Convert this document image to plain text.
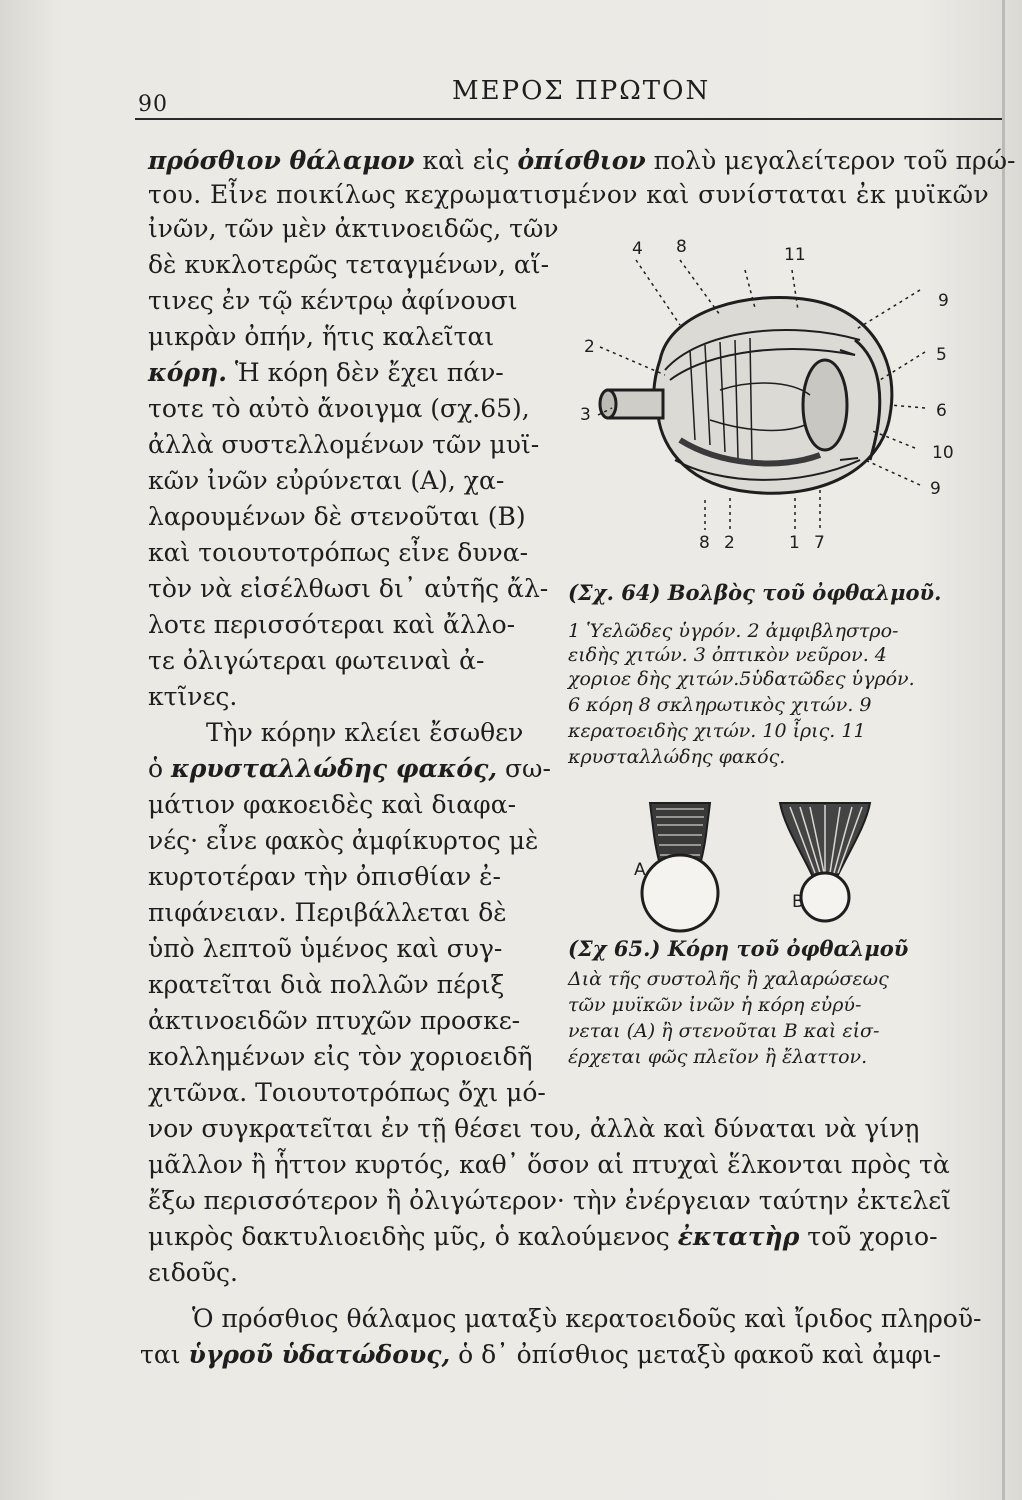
90	ΜΕΡΟΣ ΠΡΩΤΟΝ
πρόσθιον θάλαμον καὶ εἰς ὀπίσθιον πολὺ μεγαλείτερον τοῦ πρώ-
του. Εἶνε ποικίλως κεχρωματισμένον καὶ συνίσταται ἐκ μυϊκῶν
ἰνῶν, τῶν μὲν ἀκτινοειδῶς, τῶν
δὲ κυκλοτερῶς τεταγμένων, αἵ-
τινες ἐν τῷ κέντρῳ ἀφίνουσι
μικρὰν ὀπήν, ἥτις καλεῖται
κόρη. Ἡ κόρη δὲν ἔχει πάν-
τοτε τὸ αὐτὸ ἄνοιγμα (σχ.65),
ἀλλὰ συστελλομένων τῶν μυϊ-
κῶν ἰνῶν εὐρύνεται (Α), χα-
λαρουμένων δὲ στενοῦται (Β)
καὶ τοιουτοτρόπως εἶνε δυνα-
τὸν νὰ εἰσέλθωσι δι᾽ αὐτῆς ἄλ-
λοτε περισσότεραι καὶ ἄλλο-
τε ὀλιγώτεραι φωτειναὶ ἀ-
κτῖνες.
Τὴν κόρην κλείει ἔσωθεν
ὁ κρυσταλλώδης φακός, σω-
μάτιον φακοειδὲς καὶ διαφα-
νές· εἶνε φακὸς ἀμφίκυρτος μὲ
κυρτοτέραν τὴν ὀπισθίαν ἐ-
πιφάνειαν. Περιβάλλεται δὲ
ὑπὸ λεπτοῦ ὑμένος καὶ συγ-
κρατεῖται διὰ πολλῶν πέριξ
ἀκτινοειδῶν πτυχῶν προσκε-
κολλημένων εἰς τὸν χοριοειδῆ
χιτῶνα. Τοιουτοτρόπως ὄχι μό-
νον συγκρατεῖται ἐν τῇ θέσει του, ἀλλὰ καὶ δύναται νὰ γίνῃ
μᾶλλον ἢ ἧττον κυρτός, καθ᾽ ὅσον αἱ πτυχαὶ ἕλκονται πρὸς τὰ
ἔξω περισσότερον ἢ ὀλιγώτερον· τὴν ἐνέργειαν ταύτην ἐκτελεῖ
μικρὸς δακτυλιοειδὴς μῦς, ὁ καλούμενος ἐκτατὴρ τοῦ χοριο-
ειδοῦς.
Ὁ πρόσθιος θάλαμος ματαξὺ κερατοειδοῦς καὶ ἴριδος πληροῦ-
ται ὑγροῦ ὑδατώδους, ὁ δ᾽ ὀπίσθιος μεταξὺ φακοῦ καὶ ἀμφι-
4 8	11
9
5
6
10
9
2
3
8 2	1 7
(Σχ. 64) Βολβὸς τοῦ ὀφθαλμοῦ.
1 Ὑελῶδες ὑγρόν. 2 ἀμφιβληστρο-
ειδὴς χιτών. 3 ὀπτικὸν νεῦρον. 4
χοριοε δὴς χιτών.5ὑδατῶδες ὑγρόν.
6 κόρη 8 σκληρωτικὸς χιτών. 9
κερατοειδὴς χιτών. 10 ἶρις. 11
κρυσταλλώδης φακός.
A
B
(Σχ 65.) Κόρη τοῦ ὀφθαλμοῦ
Διὰ τῆς συστολῆς ἢ χαλαρώσεως
τῶν μυϊκῶν ἰνῶν ἡ κόρη εὐρύ-
νεται (Α) ἢ στενοῦται Β καὶ εἰσ-
έρχεται φῶς πλεῖον ἢ ἔλαττον.
